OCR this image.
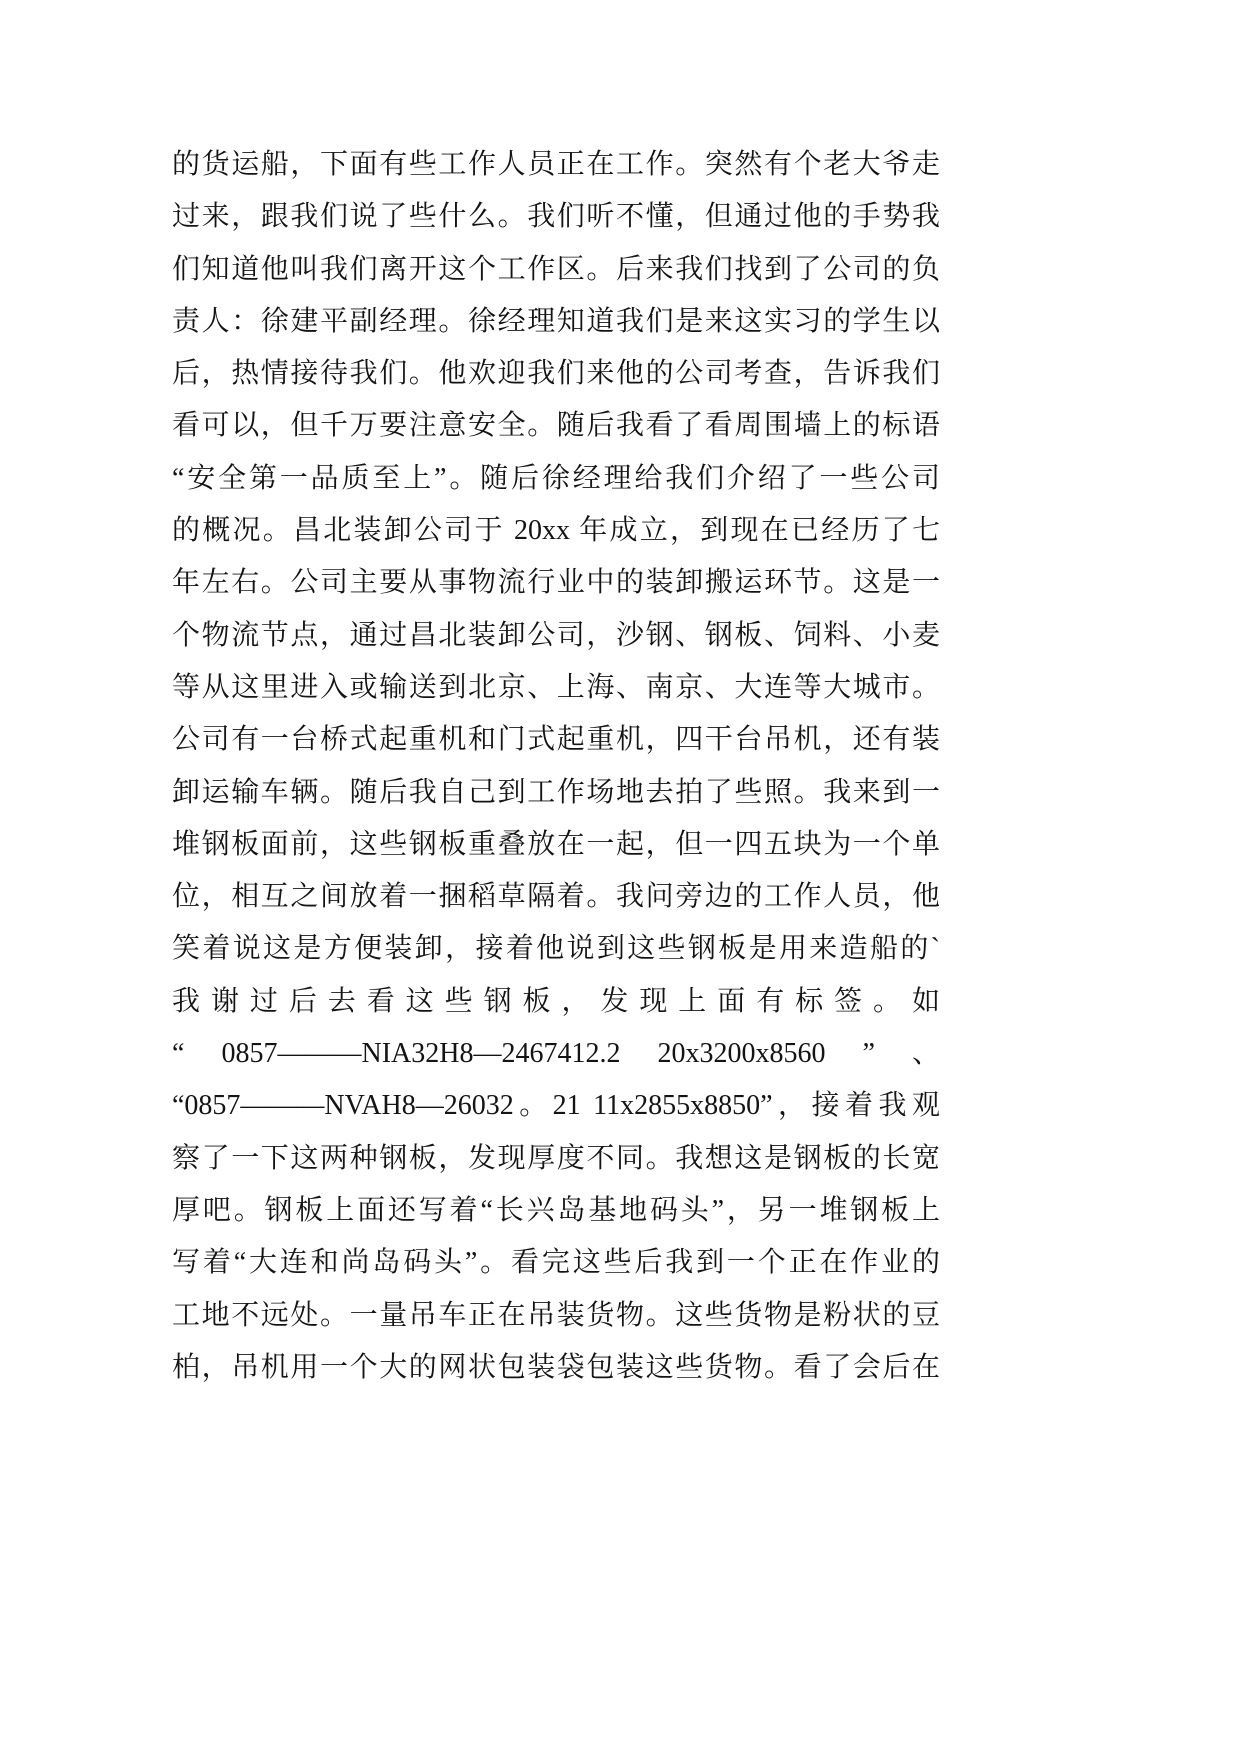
的货运船，下面有些工作人员正在工作。突然有个老大爷走
过来，跟我们说了些什么。我们听不懂，但通过他的手势我
们知道他叫我们离开这个工作区。后来我们找到了公司的负
责人：徐建平副经理。徐经理知道我们是来这实习的学生以
后，热情接待我们。他欢迎我们来他的公司考查，告诉我们
看可以，但千万要注意安全。随后我看了看周围墙上的标语
“安全第一品质至上”。随后徐经理给我们介绍了一些公司
的概况。昌北装卸公司于 20xx 年成立，到现在已经历了七
年左右。公司主要从事物流行业中的装卸搬运环节。这是一
个物流节点，通过昌北装卸公司，沙钢、钢板、饲料、小麦
等从这里进入或输送到北京、上海、南京、大连等大城市。
公司有一台桥式起重机和门式起重机，四干台吊机，还有装
卸运输车辆。随后我自己到工作场地去拍了些照。我来到一
堆钢板面前，这些钢板重叠放在一起，但一四五块为一个单
位，相互之间放着一捆稻草隔着。我问旁边的工作人员，他
笑着说这是方便装卸，接着他说到这些钢板是用来造船的`
我谢过后去看这些钢板，发现上面有标签。如
“ 0857———NIA32H8—2467412.2 20x3200x8560 ” 、
“0857———NVAH8—26032。21 11x2855x8850”，接着我观
察了一下这两种钢板，发现厚度不同。我想这是钢板的长宽
厚吧。钢板上面还写着“长兴岛基地码头”，另一堆钢板上
写着“大连和尚岛码头”。看完这些后我到一个正在作业的
工地不远处。一量吊车正在吊装货物。这些货物是粉状的豆
柏，吊机用一个大的网状包装袋包装这些货物。看了会后在
